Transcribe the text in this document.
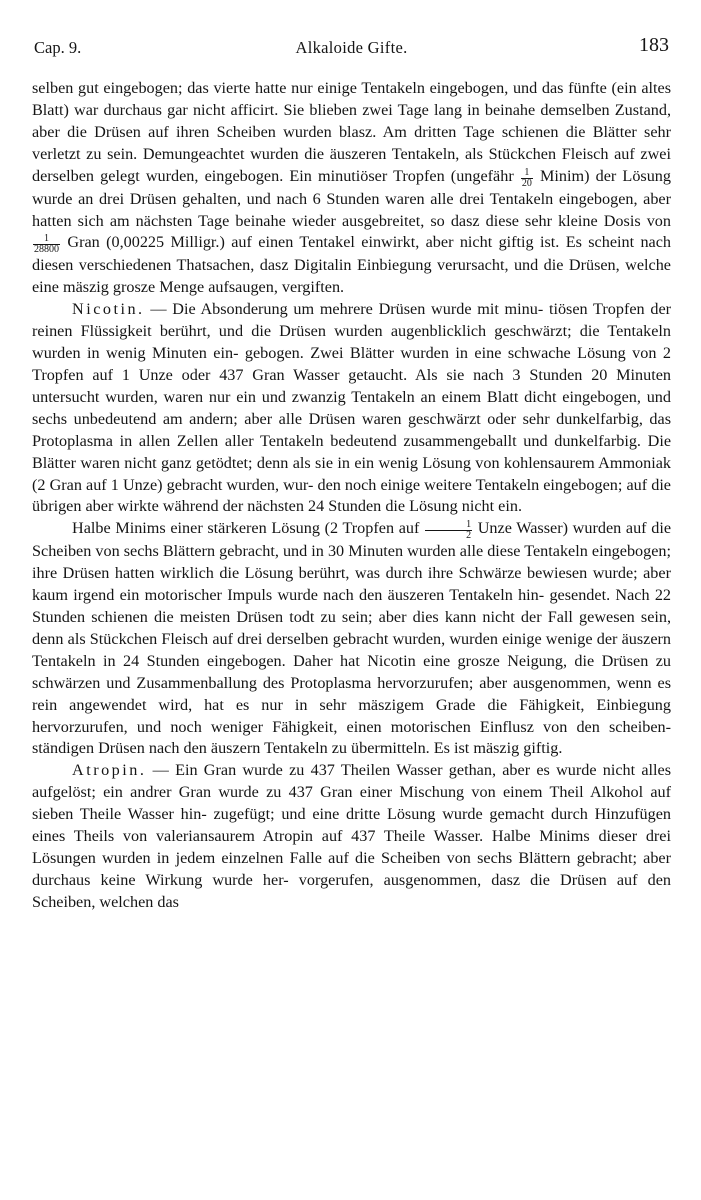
Cap. 9.	Alkaloide Gifte.	183

selben gut eingebogen; das vierte hatte nur einige Tentakeln eingebogen, und das fünfte (ein altes Blatt) war durchaus gar nicht afficirt. Sie blieben zwei Tage lang in beinahe demselben Zustand, aber die Drüsen auf ihren Scheiben wurden blasz. Am dritten Tage schienen die Blätter sehr verletzt zu sein. Demungeachtet wurden die äuszeren Tentakeln, als Stückchen Fleisch auf zwei derselben gelegt wurden, eingebogen. Ein minutiöser Tropfen (ungefähr $\frac{1}{20}$ Minim) der Lösung wurde an drei Drüsen gehalten, und nach 6 Stunden waren alle drei Tentakeln eingebogen, aber hatten sich am nächsten Tage beinahe wieder ausgebreitet, so dasz diese sehr kleine Dosis von
$\frac{1}{28800}$ Gran (0,00225 Milligr.) auf einen Tentakel einwirkt, aber nicht giftig ist. Es scheint nach diesen verschiedenen Thatsachen, dasz Digitalin Einbiegung verursacht, und die Drüsen, welche eine mäszig grosze Menge aufsaugen, vergiften.

Nicotin. — Die Absonderung um mehrere Drüsen wurde mit minu- tiösen Tropfen der reinen Flüssigkeit berührt, und die Drüsen wurden augenblicklich geschwärzt; die Tentakeln wurden in wenig Minuten ein- gebogen. Zwei Blätter wurden in eine schwache Lösung von 2 Tropfen auf 1 Unze oder 437 Gran Wasser getaucht. Als sie nach 3 Stunden 20 Minuten untersucht wurden, waren nur ein und zwanzig Tentakeln an einem Blatt dicht eingebogen, und sechs unbedeutend am andern; aber alle Drüsen waren geschwärzt oder sehr dunkelfarbig, das Protoplasma in allen Zellen aller Tentakeln bedeutend zusammengeballt und dunkelfarbig. Die Blätter waren nicht ganz getödtet; denn als sie in ein wenig Lösung von kohlensaurem Ammoniak (2 Gran auf 1 Unze) gebracht wurden, wur- den noch einige weitere Tentakeln eingebogen; auf die übrigen aber wirkte während der nächsten 24 Stunden die Lösung nicht ein.

Halbe Minims einer stärkeren Lösung (2 Tropfen auf $\frac{1}{2}$ Unze Wasser) wurden auf die Scheiben von sechs Blättern gebracht, und in 30 Minuten wurden alle diese Tentakeln eingebogen; ihre Drüsen hatten wirklich die Lösung berührt, was durch ihre Schwärze bewiesen wurde; aber kaum irgend ein motorischer Impuls wurde nach den äuszeren Tentakeln hin- gesendet. Nach 22 Stunden schienen die meisten Drüsen todt zu sein; aber dies kann nicht der Fall gewesen sein, denn als Stückchen Fleisch auf drei derselben gebracht wurden, wurden einige wenige der äuszern Tentakeln in 24 Stunden eingebogen. Daher hat Nicotin eine grosze Neigung, die Drüsen zu schwärzen und Zusammenballung des Protoplasma hervorzurufen; aber ausgenommen, wenn es rein angewendet wird, hat es nur in sehr mäszigem Grade die Fähigkeit, Einbiegung hervorzurufen, und noch weniger Fähigkeit, einen motorischen Einflusz von den scheiben- ständigen Drüsen nach den äuszern Tentakeln zu übermitteln. Es ist mäszig giftig.

Atropin. — Ein Gran wurde zu 437 Theilen Wasser gethan, aber es wurde nicht alles aufgelöst; ein andrer Gran wurde zu 437 Gran einer Mischung von einem Theil Alkohol auf sieben Theile Wasser hin- zugefügt; und eine dritte Lösung wurde gemacht durch Hinzufügen eines Theils von valeriansaurem Atropin auf 437 Theile Wasser. Halbe Minims dieser drei Lösungen wurden in jedem einzelnen Falle auf die Scheiben von sechs Blättern gebracht; aber durchaus keine Wirkung wurde her- vorgerufen, ausgenommen, dasz die Drüsen auf den Scheiben, welchen das
